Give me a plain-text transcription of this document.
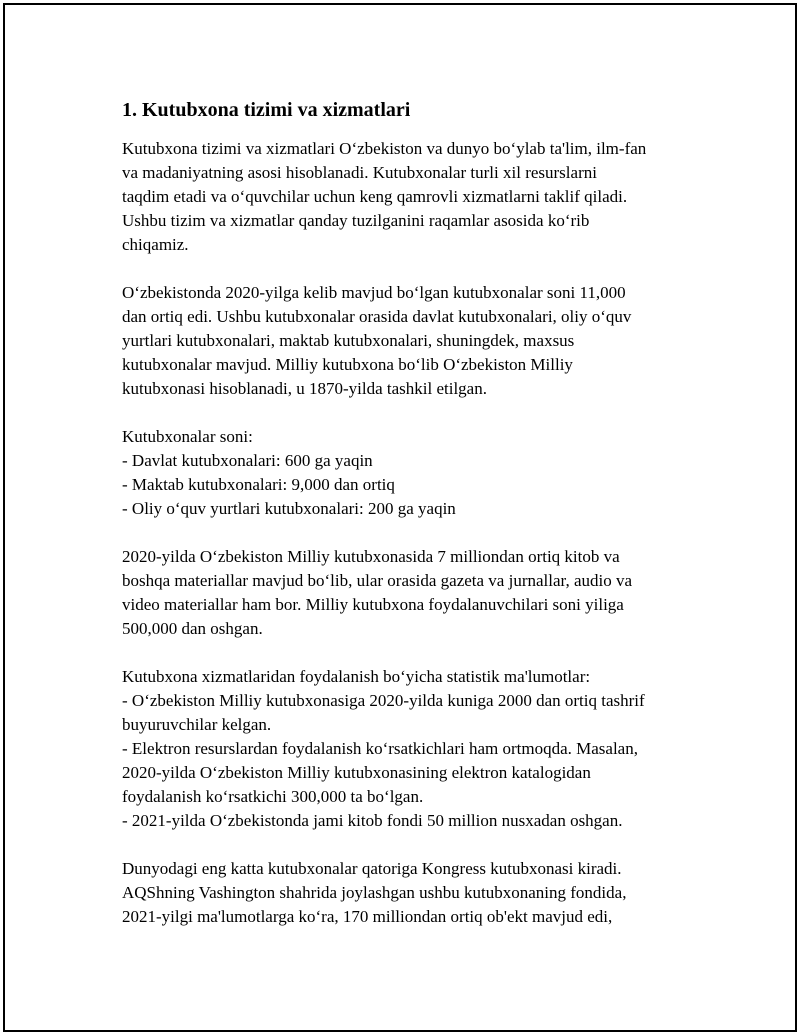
1. Kutubxona tizimi va xizmatlari
Kutubxona tizimi va xizmatlari O‘zbekiston va dunyo bo‘ylab ta'lim, ilm-fan
va madaniyatning asosi hisoblanadi. Kutubxonalar turli xil resurslarni
taqdim etadi va o‘quvchilar uchun keng qamrovli xizmatlarni taklif qiladi.
Ushbu tizim va xizmatlar qanday tuzilganini raqamlar asosida ko‘rib
chiqamiz.
O‘zbekistonda 2020-yilga kelib mavjud bo‘lgan kutubxonalar soni 11,000
dan ortiq edi. Ushbu kutubxonalar orasida davlat kutubxonalari, oliy o‘quv
yurtlari kutubxonalari, maktab kutubxonalari, shuningdek, maxsus
kutubxonalar mavjud. Milliy kutubxona bo‘lib O‘zbekiston Milliy
kutubxonasi hisoblanadi, u 1870-yilda tashkil etilgan.
Kutubxonalar soni:
- Davlat kutubxonalari: 600 ga yaqin
- Maktab kutubxonalari: 9,000 dan ortiq
- Oliy o‘quv yurtlari kutubxonalari: 200 ga yaqin
2020-yilda O‘zbekiston Milliy kutubxonasida 7 milliondan ortiq kitob va
boshqa materiallar mavjud bo‘lib, ular orasida gazeta va jurnallar, audio va
video materiallar ham bor. Milliy kutubxona foydalanuvchilari soni yiliga
500,000 dan oshgan.
Kutubxona xizmatlaridan foydalanish bo‘yicha statistik ma'lumotlar:
- O‘zbekiston Milliy kutubxonasiga 2020-yilda kuniga 2000 dan ortiq tashrif
buyuruvchilar kelgan.
- Elektron resurslardan foydalanish ko‘rsatkichlari ham ortmoqda. Masalan,
2020-yilda O‘zbekiston Milliy kutubxonasining elektron katalogidan
foydalanish ko‘rsatkichi 300,000 ta bo‘lgan.
- 2021-yilda O‘zbekistonda jami kitob fondi 50 million nusxadan oshgan.
Dunyodagi eng katta kutubxonalar qatoriga Kongress kutubxonasi kiradi.
AQShning Vashington shahrida joylashgan ushbu kutubxonaning fondida,
2021-yilgi ma'lumotlarga ko‘ra, 170 milliondan ortiq ob'ekt mavjud edi,
